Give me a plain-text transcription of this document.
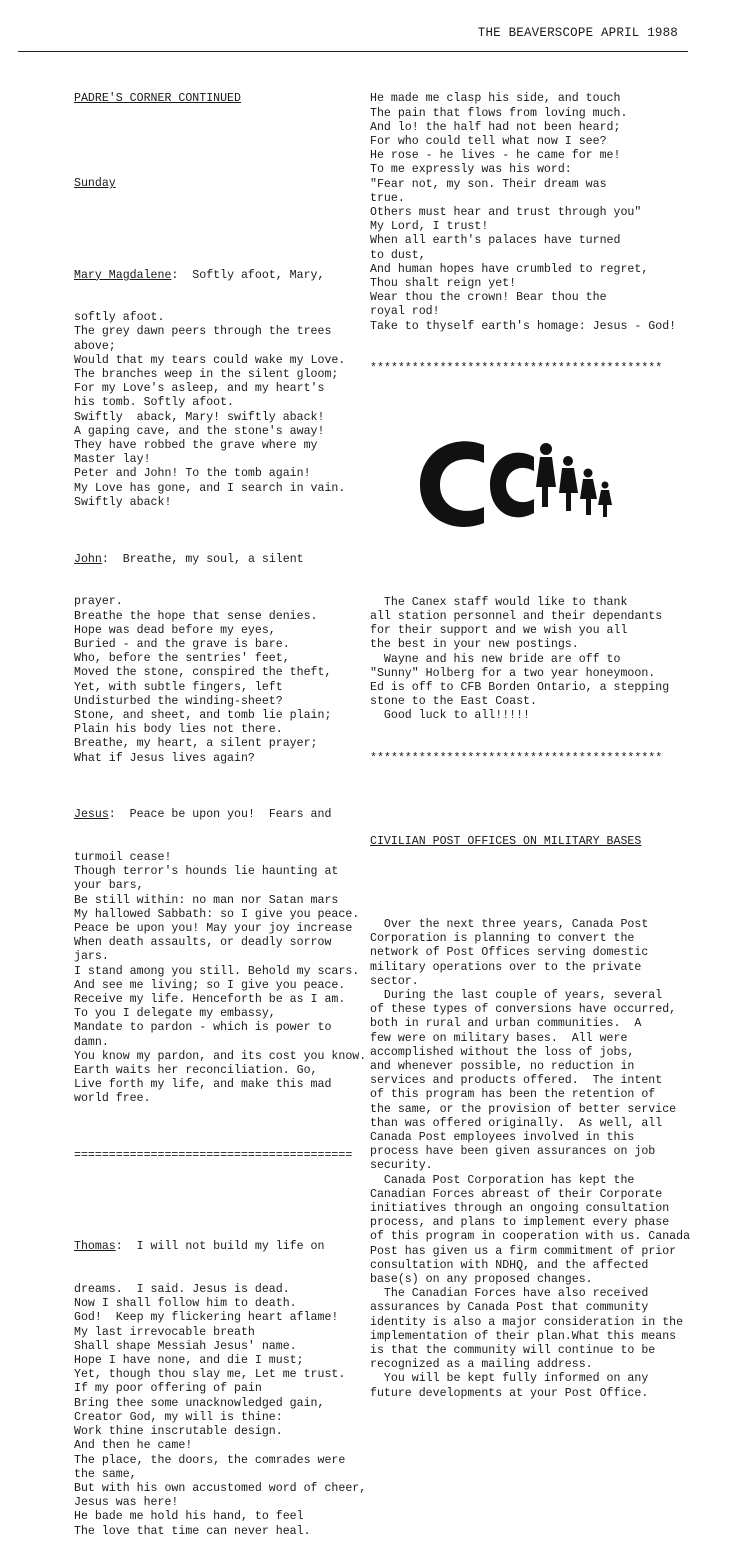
THE BEAVERSCOPE APRIL 1988

PADRE'S CORNER CONTINUED

Sunday

Mary Magdalene:  Softly afoot, Mary,

softly afoot.
The grey dawn peers through the trees
above;
Would that my tears could wake my Love.
The branches weep in the silent gloom;
For my Love's asleep, and my heart's
his tomb. Softly afoot.
Swiftly  aback, Mary! swiftly aback!
A gaping cave, and the stone's away!
They have robbed the grave where my
Master lay!
Peter and John! To the tomb again!
My Love has gone, and I search in vain.
Swiftly aback!

John:  Breathe, my soul, a silent

prayer.
Breathe the hope that sense denies.
Hope was dead before my eyes,
Buried - and the grave is bare.
Who, before the sentries' feet,
Moved the stone, conspired the theft,
Yet, with subtle fingers, left
Undisturbed the winding-sheet?
Stone, and sheet, and tomb lie plain;
Plain his body lies not there.
Breathe, my heart, a silent prayer;
What if Jesus lives again?

Jesus:  Peace be upon you!  Fears and

turmoil cease!
Though terror's hounds lie haunting at
your bars,
Be still within: no man nor Satan mars
My hallowed Sabbath: so I give you peace.
Peace be upon you! May your joy increase
When death assaults, or deadly sorrow
jars.
I stand among you still. Behold my scars.
And see me living; so I give you peace.
Receive my life. Henceforth be as I am.
To you I delegate my embassy,
Mandate to pardon - which is power to
damn.
You know my pardon, and its cost you know.
Earth waits her reconciliation. Go,
Live forth my life, and make this mad
world free.

========================================

Thomas:  I will not build my life on

dreams.  I said. Jesus is dead.
Now I shall follow him to death.
God!  Keep my flickering heart aflame!
My last irrevocable breath
Shall shape Messiah Jesus' name.
Hope I have none, and die I must;
Yet, though thou slay me, Let me trust.
If my poor offering of pain
Bring thee some unacknowledged gain,
Creator God, my will is thine:
Work thine inscrutable design.
And then he came!
The place, the doors, the comrades were
the same,
But with his own accustomed word of cheer,
Jesus was here!
He bade me hold his hand, to feel
The love that time can never heal.

He made me clasp his side, and touch
The pain that flows from loving much.
And lo! the half had not been heard;
For who could tell what now I see?
He rose - he lives - he came for me!
To me expressly was his word:
"Fear not, my son. Their dream was
true.
Others must hear and trust through you"
My Lord, I trust!
When all earth's palaces have turned
to dust,
And human hopes have crumbled to regret,
Thou shalt reign yet!
Wear thou the crown! Bear thou the
royal rod!
Take to thyself earth's homage: Jesus - God!

******************************************

The Canex staff would like to thank
all station personnel and their dependants
for their support and we wish you all
the best in your new postings.
Wayne and his new bride are off to
"Sunny" Holberg for a two year honeymoon.
Ed is off to CFB Borden Ontario, a stepping
stone to the East Coast.
Good luck to all!!!!!

******************************************

CIVILIAN POST OFFICES ON MILITARY BASES

Over the next three years, Canada Post
Corporation is planning to convert the
network of Post Offices serving domestic
military operations over to the private
sector.
During the last couple of years, several
of these types of conversions have occurred,
both in rural and urban communities.  A
few were on military bases.  All were
accomplished without the loss of jobs,
and whenever possible, no reduction in
services and products offered.  The intent
of this program has been the retention of
the same, or the provision of better service
than was offered originally.  As well, all
Canada Post employees involved in this
process have been given assurances on job
security.
Canada Post Corporation has kept the
Canadian Forces abreast of their Corporate
initiatives through an ongoing consultation
process, and plans to implement every phase
of this program in cooperation with us. Canada
Post has given us a firm commitment of prior
consultation with NDHQ, and the affected
base(s) on any proposed changes.
The Canadian Forces have also received
assurances by Canada Post that community
identity is also a major consideration in the
implementation of their plan.What this means
is that the community will continue to be
recognized as a mailing address.
You will be kept fully informed on any
future developments at your Post Office.
